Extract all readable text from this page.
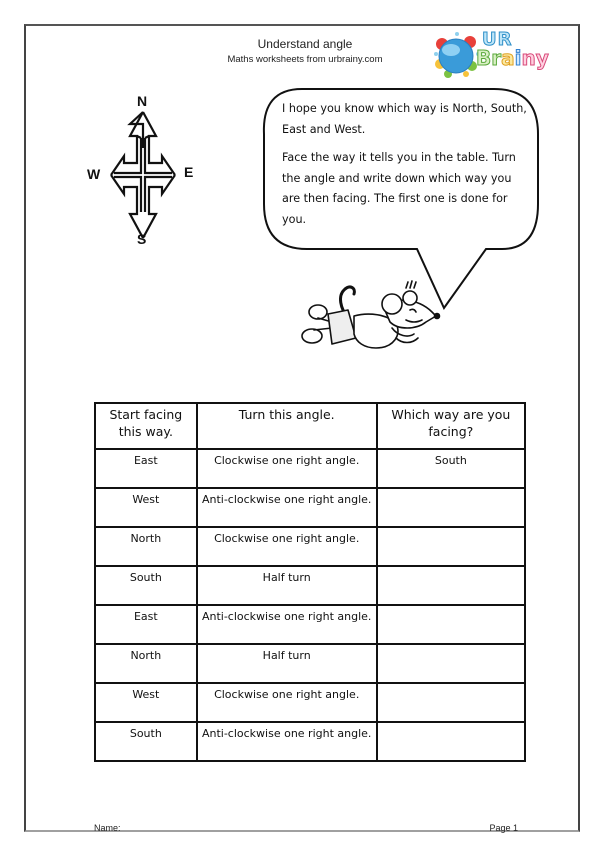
Understand angle
Maths worksheets from urbrainy.com
UR
Brainy
N
W	E
S

I hope you know which way is North, South, East and West.

Face the way it tells you in the table. Turn the angle and write down which way you are then facing. The first one is done for you.

Start facing this way.	Turn this angle.	Which way are you facing?
East	Clockwise one right angle.	South
West	Anti-clockwise one right angle.	
North	Clockwise one right angle.	
South	Half turn	
East	Anti-clockwise one right angle.	
North	Half turn	
West	Clockwise one right angle.	
South	Anti-clockwise one right angle.	
Name:	Page 1
